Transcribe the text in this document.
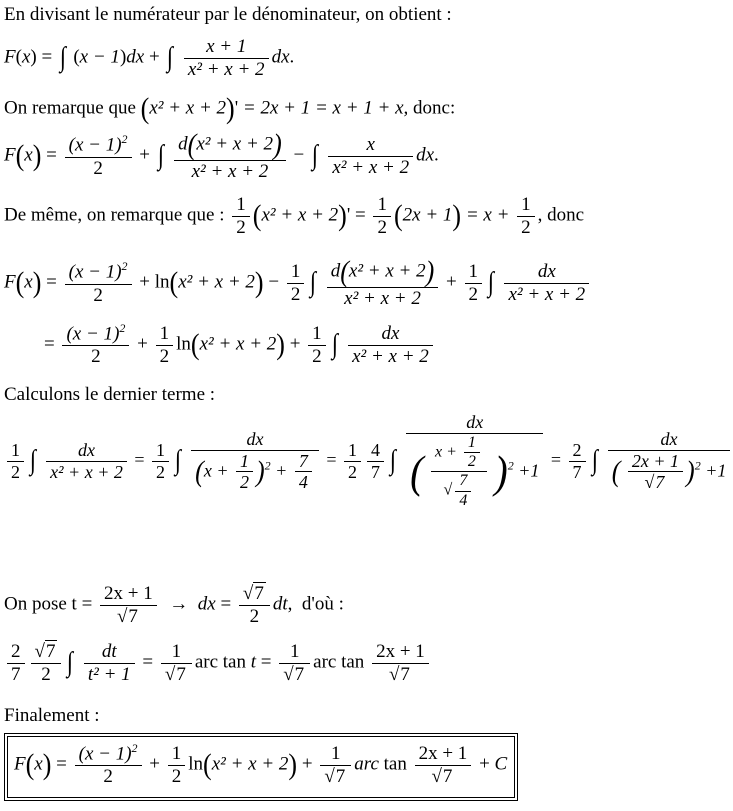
En divisant le numérateur par le dénominateur, on obtient :
F(x) = ∫ (x − 1)dx + ∫ $\frac{x + 1}{\text{x² + x + 2}}$ dx.
On remarque que (x² + x + 2)' = 2x + 1 = x + 1 + x, donc:
$F(x) = \frac{(x - 1)^2}{2}$ + ∫ $\frac{\text{d(x² + x + 2)}}{\text{x² + x + 2}}$ − ∫ $\frac{x}{\text{x² + x + 2}}$ dx.
De même, on remarque que : $\frac{1}{2} (x^2 + x + 2)' = \frac{1}{2} (2x + 1) = x + \frac{1}{2}$ , donc
$F(x) = \frac{(x - 1)^2}{2} + \ln(x^2 + x + 2) - \frac{1}{2}$ ∫ $\frac{\text{d(x² + x + 2)}}{\text{x² + x + 2}} + \frac{1}{2}$ ∫ $\frac{dx}{\text{x² + x + 2}}$
= $\frac{(x - 1)^2}{2} + \frac{1}{2} \ln(x^2 + x + 2) + \frac{1}{2}$ ∫ $\frac{dx}{\text{x² + x + 2}}$
Calculons le dernier terme :
$\frac{1}{2}$ ∫ $\frac{dx}{\text{x² + x + 2}} = \frac{1}{2}$ ∫ $\frac{dx}{(x + \frac{1}{2} )^2 + \frac{7}{4}} = \frac{1}{2} \frac{4}{7}$ ∫
dx
( $\frac{x + \frac{1}{2}}{√ \frac{7}{4}} )^2 +1$
= $\frac{2}{7}$ ∫ $\frac{dx}{( \frac{2x + 1}{√7} )^2 +1}$
On pose $t = \frac{2x + 1}{√7}$ → dx = $\frac{√7}{2}$ dt,  d'où :
$\frac{2}{7} \frac{√7}{2}$ ∫ $\frac{dt}{\text{t² + 1}} = \frac{1}{√7}$ arc $\tan t = \frac{1}{√7}$ arc $\tan \frac{2x + 1}{√7}$
Finalement :
$F(x) = \frac{(x - 1)^2}{2} + \frac{1}{2} \ln(x^2 + x + 2) + \frac{1}{√7}$ arc $\tan \frac{2x + 1}{√7} + C$
